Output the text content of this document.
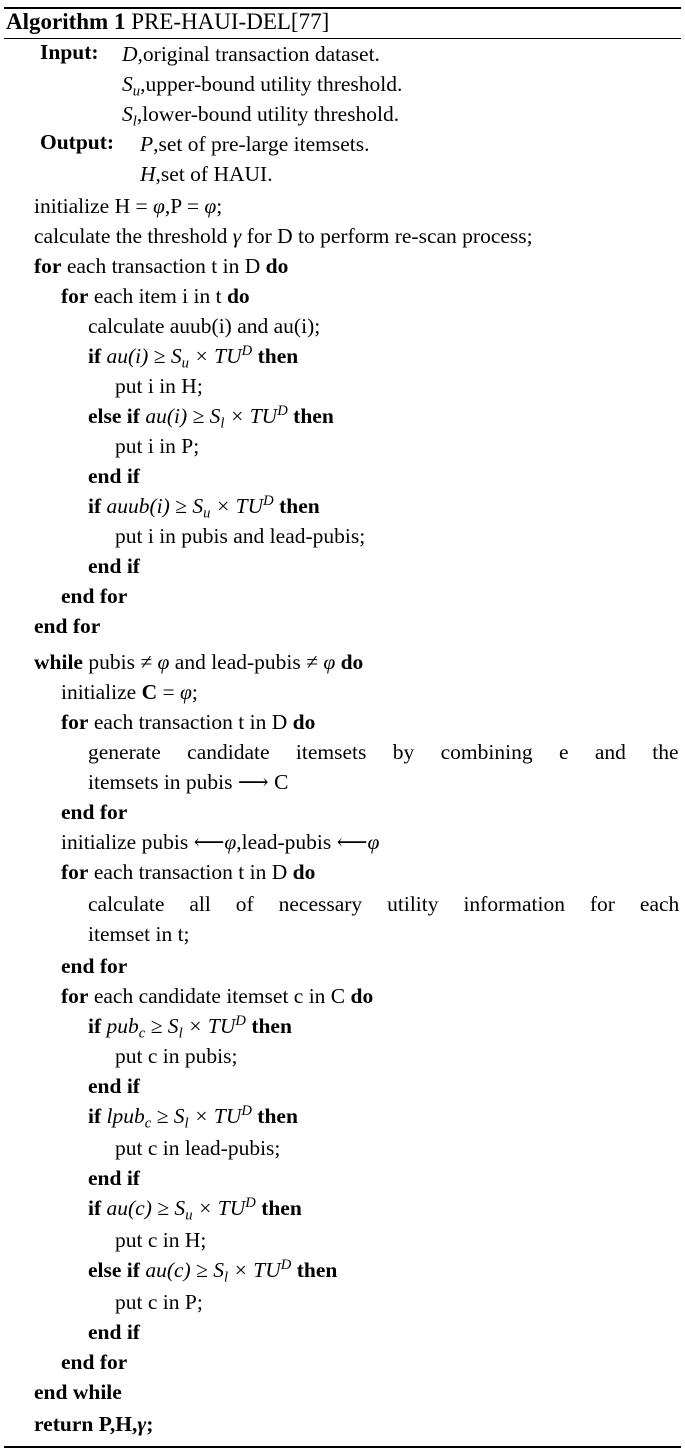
Algorithm 1 PRE-HAUI-DEL[77]
Input: D,original transaction dataset.
$S_u,upper$-bound utility threshold.
$S_l,lower$-bound utility threshold.
Output: P,set of pre-large itemsets.
H,set of HAUI.
initialize H = φ,P = φ;
calculate the threshold γ for D to perform re-scan process;
for each transaction t in D do
for each item i in t do
calculate auub(i) and au(i);
if $au(i) \ge S_u \times TU^D$ then
put i in H;
else if $au(i) \ge S_l \times TU^D$ then
put i in P;
end if
if auub(i) ≥ $S_u \times TU^D$ then
put i in pubis and lead-pubis;
end if
end for
end for
while pubis ≠ φ and lead-pubis ≠ φ do
initialize C = φ;
for each transaction t in D do
generate candidate itemsets by combining e and the
itemsets in pubis ⟶ C
end for
initialize pubis ⟵φ,lead-pubis ⟵φ
for each transaction t in D do
calculate all of necessary utility information for each
itemset in t;
end for
for each candidate itemset c in C do
if $pub_c \ge S_l \times TU^D$ then
put c in pubis;
end if
if lpub$_c$ ≥ $S_l \times TU^D$ then
put c in lead-pubis;
end if
if $au(c) \ge S_u \times TU^D$ then
put c in H;
else if $au(c) \ge S_l \times TU^D$ then
put c in P;
end if
end for
end while
return P,H,γ;
